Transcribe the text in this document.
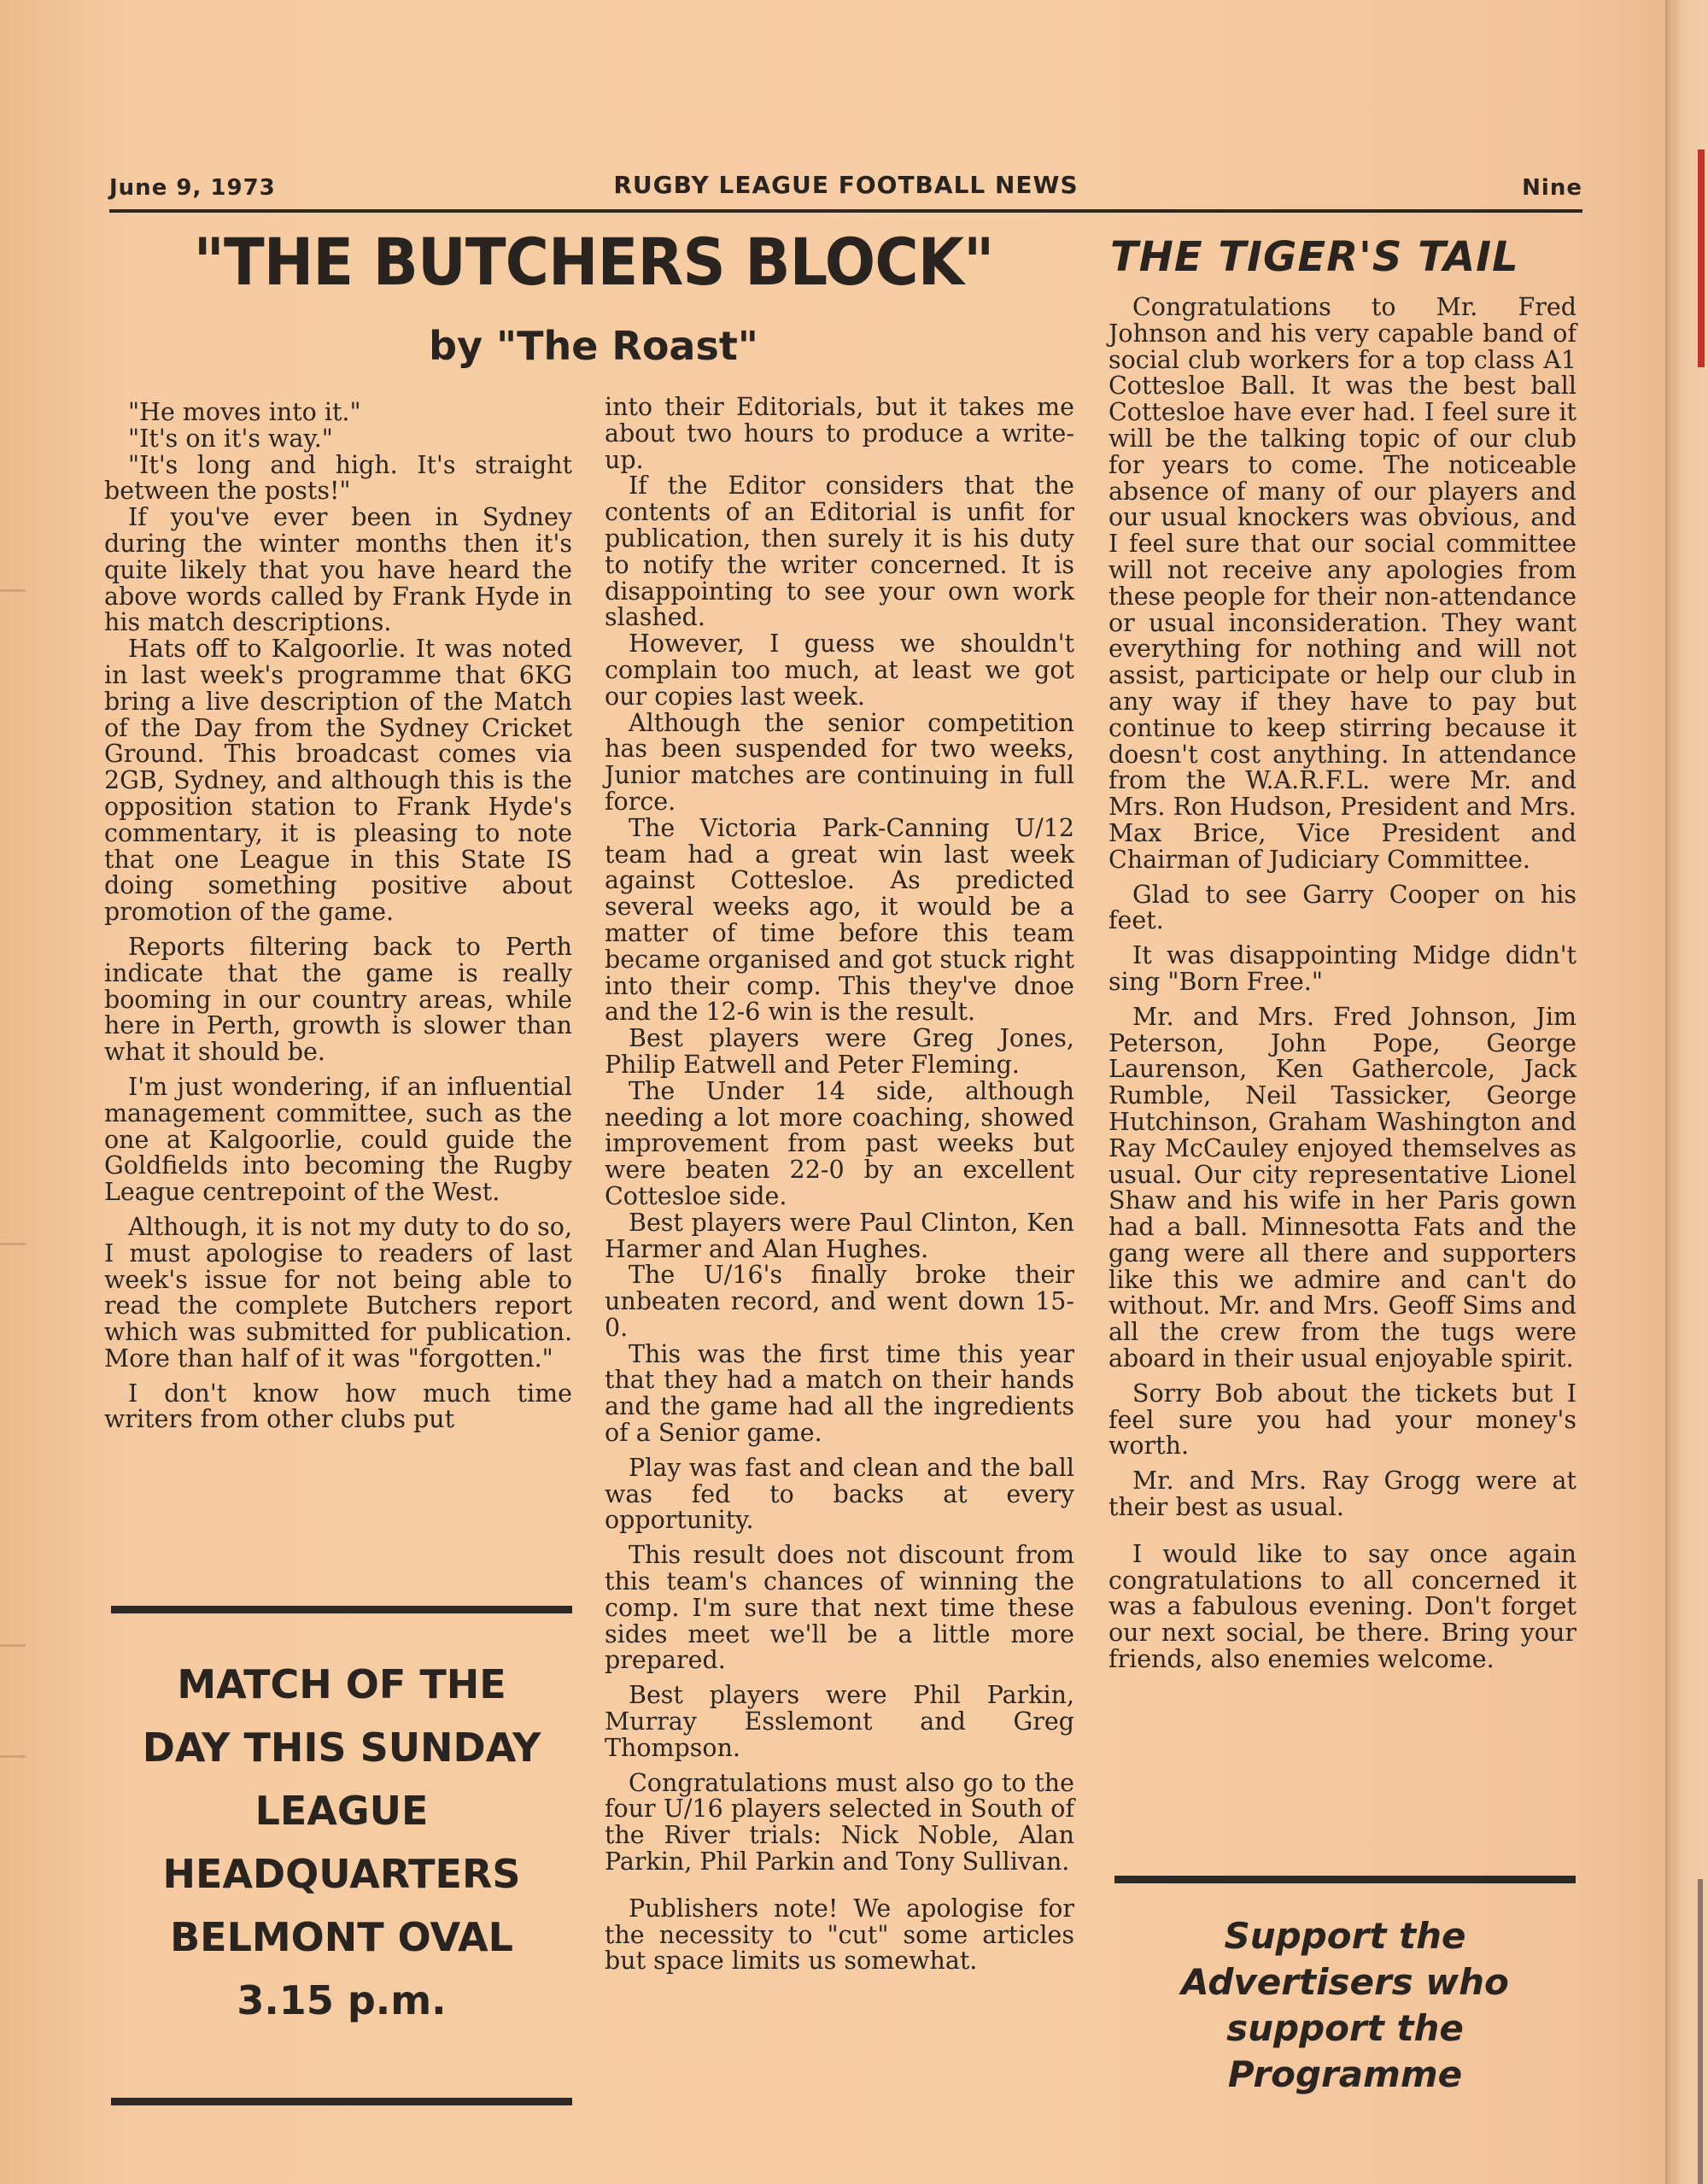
June 9, 1973	RUGBY LEAGUE FOOTBALL NEWS	Nine
"THE BUTCHERS BLOCK"
by "The Roast"
THE TIGER'S TAIL

"He moves into it."

"It's on it's way."

"It's long and high. It's straight between the posts!"

If you've ever been in Sydney during the winter months then it's quite likely that you have heard the above words called by Frank Hyde in his match descriptions.

Hats off to Kalgoorlie. It was noted in last week's programme that 6KG bring a live description of the Match of the Day from the Sydney Cricket Ground. This broadcast comes via 2GB, Sydney, and although this is the opposition station to Frank Hyde's commentary, it is pleasing to note that one League in this State IS doing something positive about promotion of the game.

Reports filtering back to Perth indicate that the game is really booming in our country areas, while here in Perth, growth is slower than what it should be.

I'm just wondering, if an influential management committee, such as the one at Kalgoorlie, could guide the Goldfields into becoming the Rugby League centrepoint of the West.

Although, it is not my duty to do so, I must apologise to readers of last week's issue for not being able to read the complete Butchers report which was submitted for publication. More than half of it was "forgotten."

I don't know how much time writers from other clubs put

into their Editorials, but it takes me about two hours to produce a write-up.

If the Editor considers that the contents of an Editorial is unfit for publication, then surely it is his duty to notify the writer concerned. It is disappointing to see your own work slashed.

However, I guess we shouldn't complain too much, at least we got our copies last week.

Although the senior competition has been suspended for two weeks, Junior matches are continuing in full force.

The Victoria Park-Canning U/12 team had a great win last week against Cottesloe. As predicted several weeks ago, it would be a matter of time before this team became organised and got stuck right into their comp. This they've dnoe and the 12-6 win is the result.

Best players were Greg Jones, Philip Eatwell and Peter Fleming.

The Under 14 side, although needing a lot more coaching, showed improvement from past weeks but were beaten 22-0 by an excellent Cottesloe side.

Best players were Paul Clinton, Ken Harmer and Alan Hughes.

The U/16's finally broke their unbeaten record, and went down 15-0.

This was the first time this year that they had a match on their hands and the game had all the ingredients of a Senior game.

Play was fast and clean and the ball was fed to backs at every opportunity.

This result does not discount from this team's chances of winning the comp. I'm sure that next time these sides meet we'll be a little more prepared.

Best players were Phil Parkin, Murray Esslemont and Greg Thompson.

Congratulations must also go to the four U/16 players selected in South of the River trials: Nick Noble, Alan Parkin, Phil Parkin and Tony Sullivan.

Publishers note! We apologise for the necessity to "cut" some articles but space limits us somewhat.

Congratulations to Mr. Fred Johnson and his very capable band of social club workers for a top class A1 Cottesloe Ball. It was the best ball Cottesloe have ever had. I feel sure it will be the talking topic of our club for years to come. The noticeable absence of many of our players and our usual knockers was obvious, and I feel sure that our social committee will not receive any apologies from these people for their non-attendance or usual inconsideration. They want everything for nothing and will not assist, participate or help our club in any way if they have to pay but continue to keep stirring because it doesn't cost anything. In attendance from the W.A.R.F.L. were Mr. and Mrs. Ron Hudson, President and Mrs. Max Brice, Vice President and Chairman of Judiciary Committee.

Glad to see Garry Cooper on his feet.

It was disappointing Midge didn't sing "Born Free."

Mr. and Mrs. Fred Johnson, Jim Peterson, John Pope, George Laurenson, Ken Gathercole, Jack Rumble, Neil Tassicker, George Hutchinson, Graham Washington and Ray McCauley enjoyed themselves as usual. Our city representative Lionel Shaw and his wife in her Paris gown had a ball. Minnesotta Fats and the gang were all there and supporters like this we admire and can't do without. Mr. and Mrs. Geoff Sims and all the crew from the tugs were aboard in their usual enjoyable spirit.

Sorry Bob about the tickets but I feel sure you had your money's worth.

Mr. and Mrs. Ray Grogg were at their best as usual.

I would like to say once again congratulations to all concerned it was a fabulous evening. Don't forget our next social, be there. Bring your friends, also enemies welcome.

MATCH OF THE
DAY THIS SUNDAY
LEAGUE
HEADQUARTERS
BELMONT OVAL
3.15 p.m.
Support the
Advertisers who
support the
Programme
